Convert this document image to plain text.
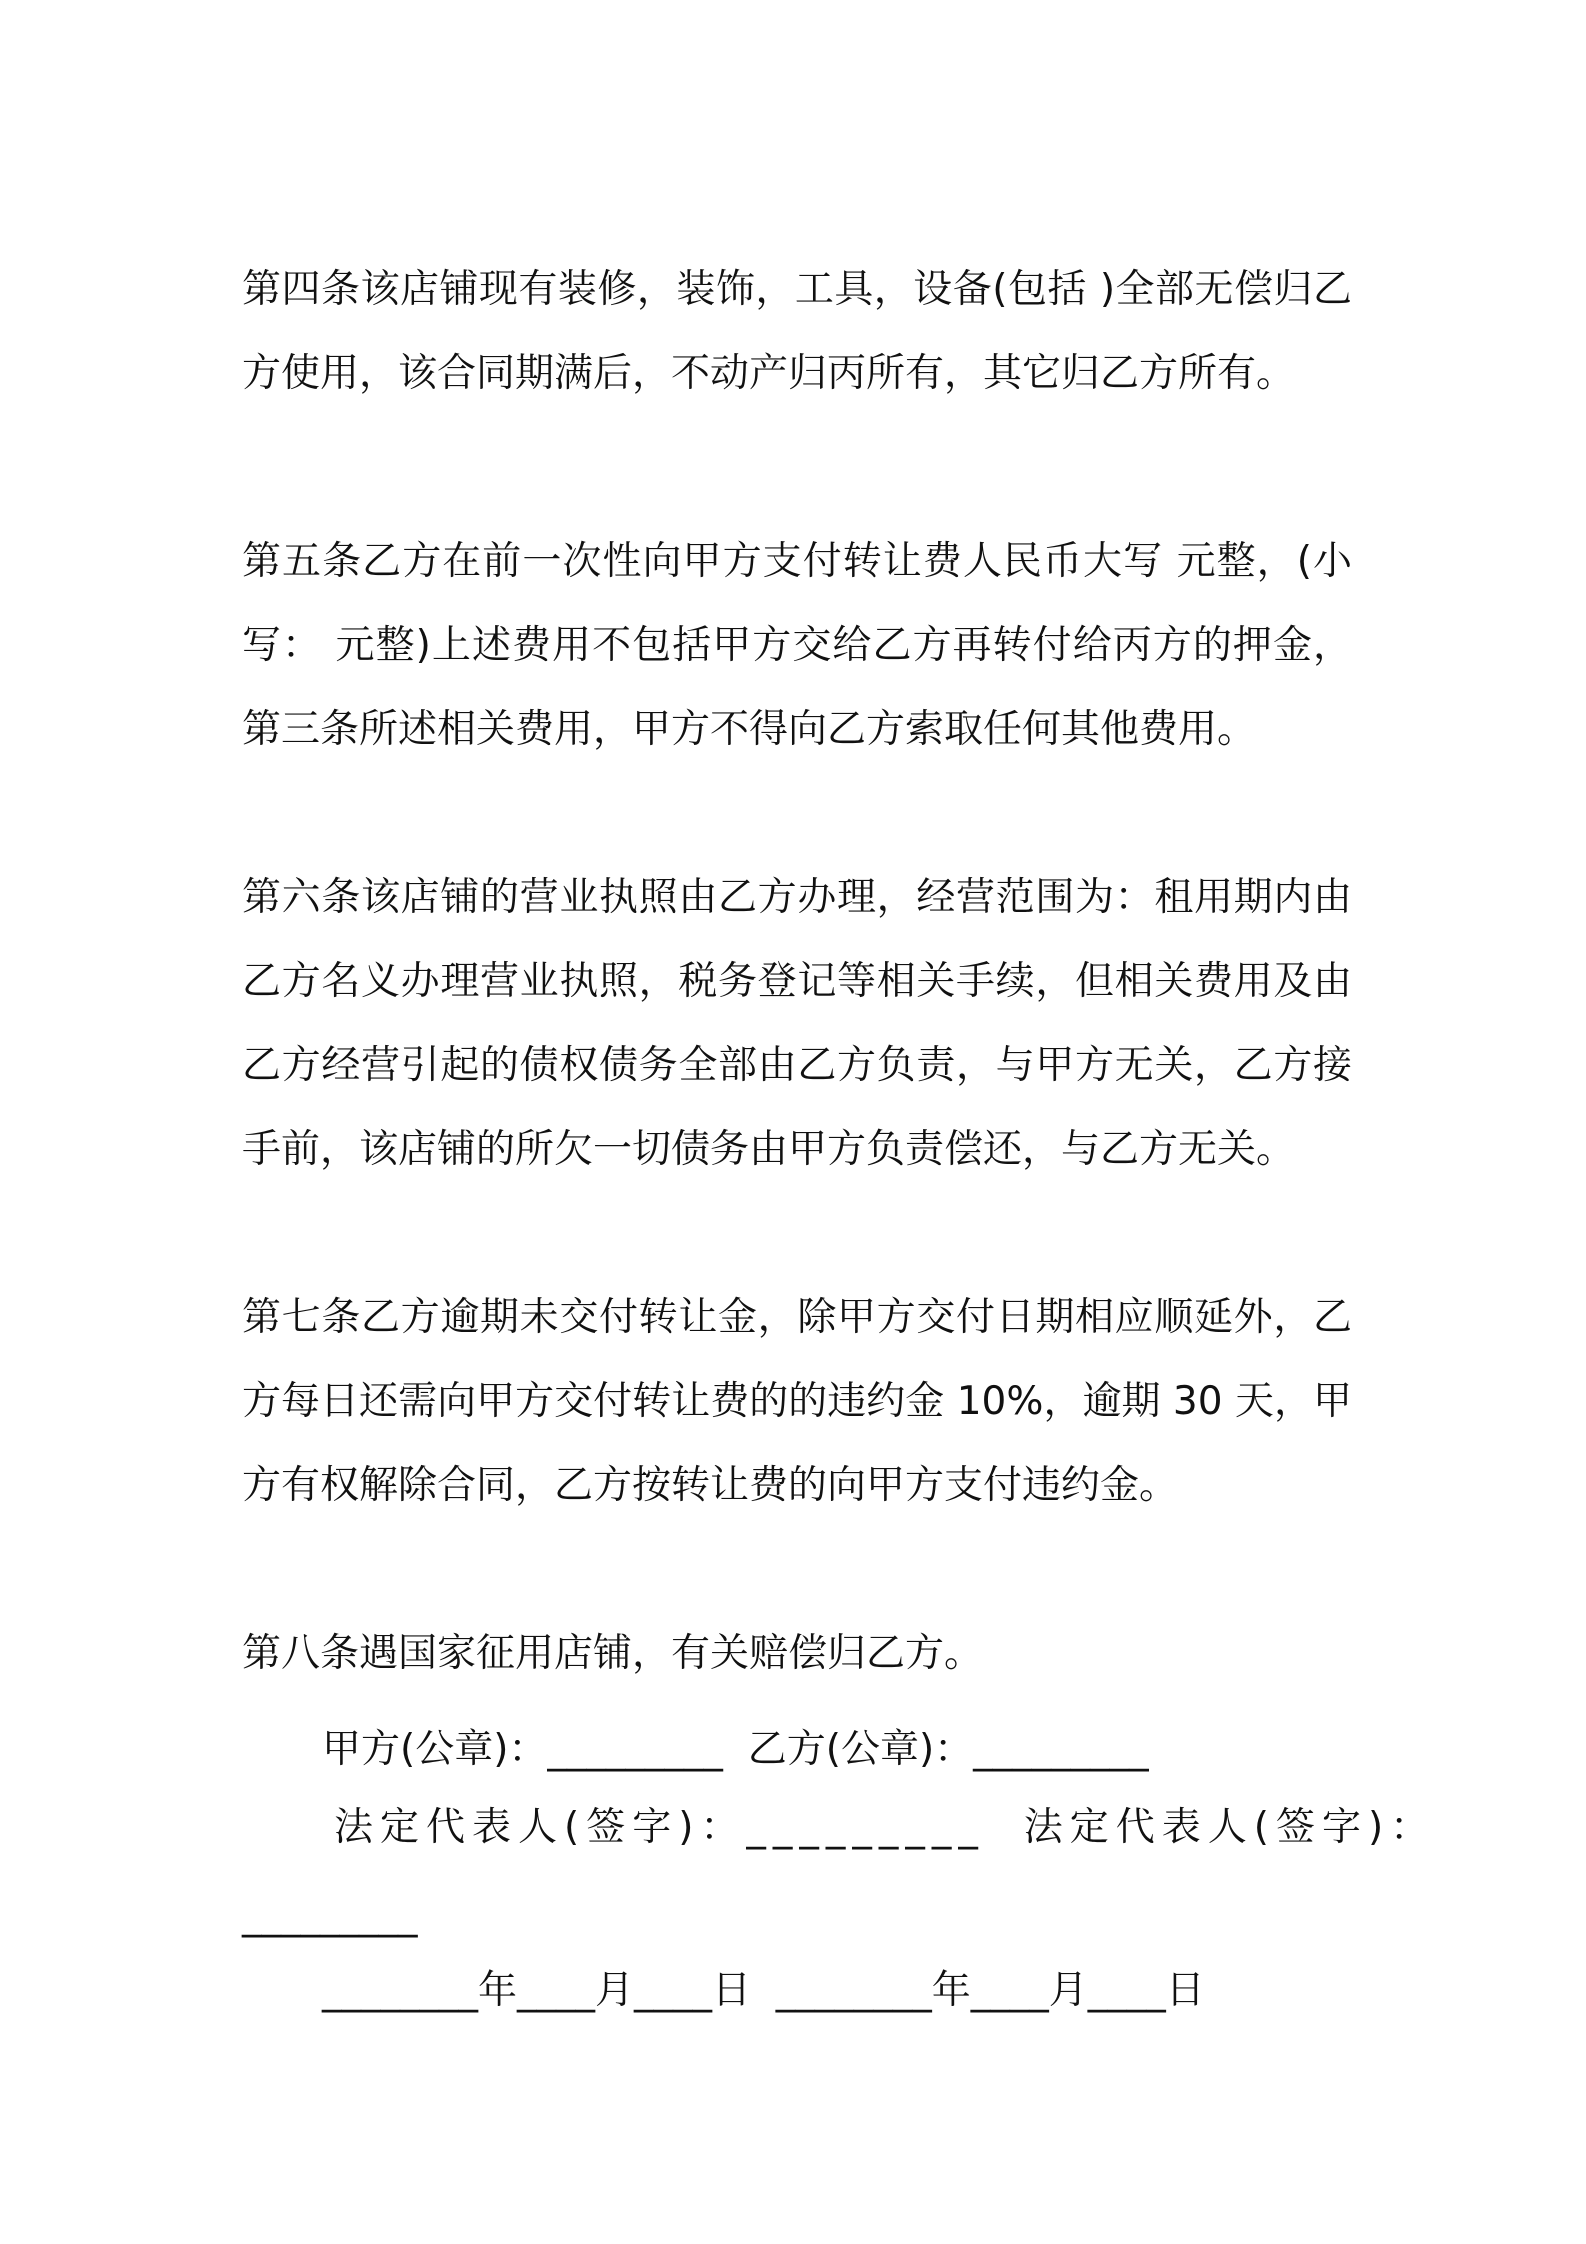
第四条该店铺现有装修，装饰，工具，设备(包括 )全部无偿归乙方使用，该合同期满后，不动产归丙所有，其它归乙方所有。

第五条乙方在前一次性向甲方支付转让费人民币大写 元整，(小写： 元整)上述费用不包括甲方交给乙方再转付给丙方的押金，第三条所述相关费用，甲方不得向乙方索取任何其他费用。

第六条该店铺的营业执照由乙方办理，经营范围为：租用期内由乙方名义办理营业执照，税务登记等相关手续，但相关费用及由乙方经营引起的债权债务全部由乙方负责，与甲方无关，乙方接手前，该店铺的所欠一切债务由甲方负责偿还，与乙方无关。

第七条乙方逾期未交付转让金，除甲方交付日期相应顺延外，乙方每日还需向甲方交付转让费的的违约金 10%，逾期 30 天，甲方有权解除合同，乙方按转让费的向甲方支付违约金。

第八条遇国家征用店铺，有关赔偿归乙方。

甲方(公章)：_________  乙方(公章)：_________
法定代表人(签字)：_________  法定代表人(签字)：
_________
________年____月____日  ________年____月____日
